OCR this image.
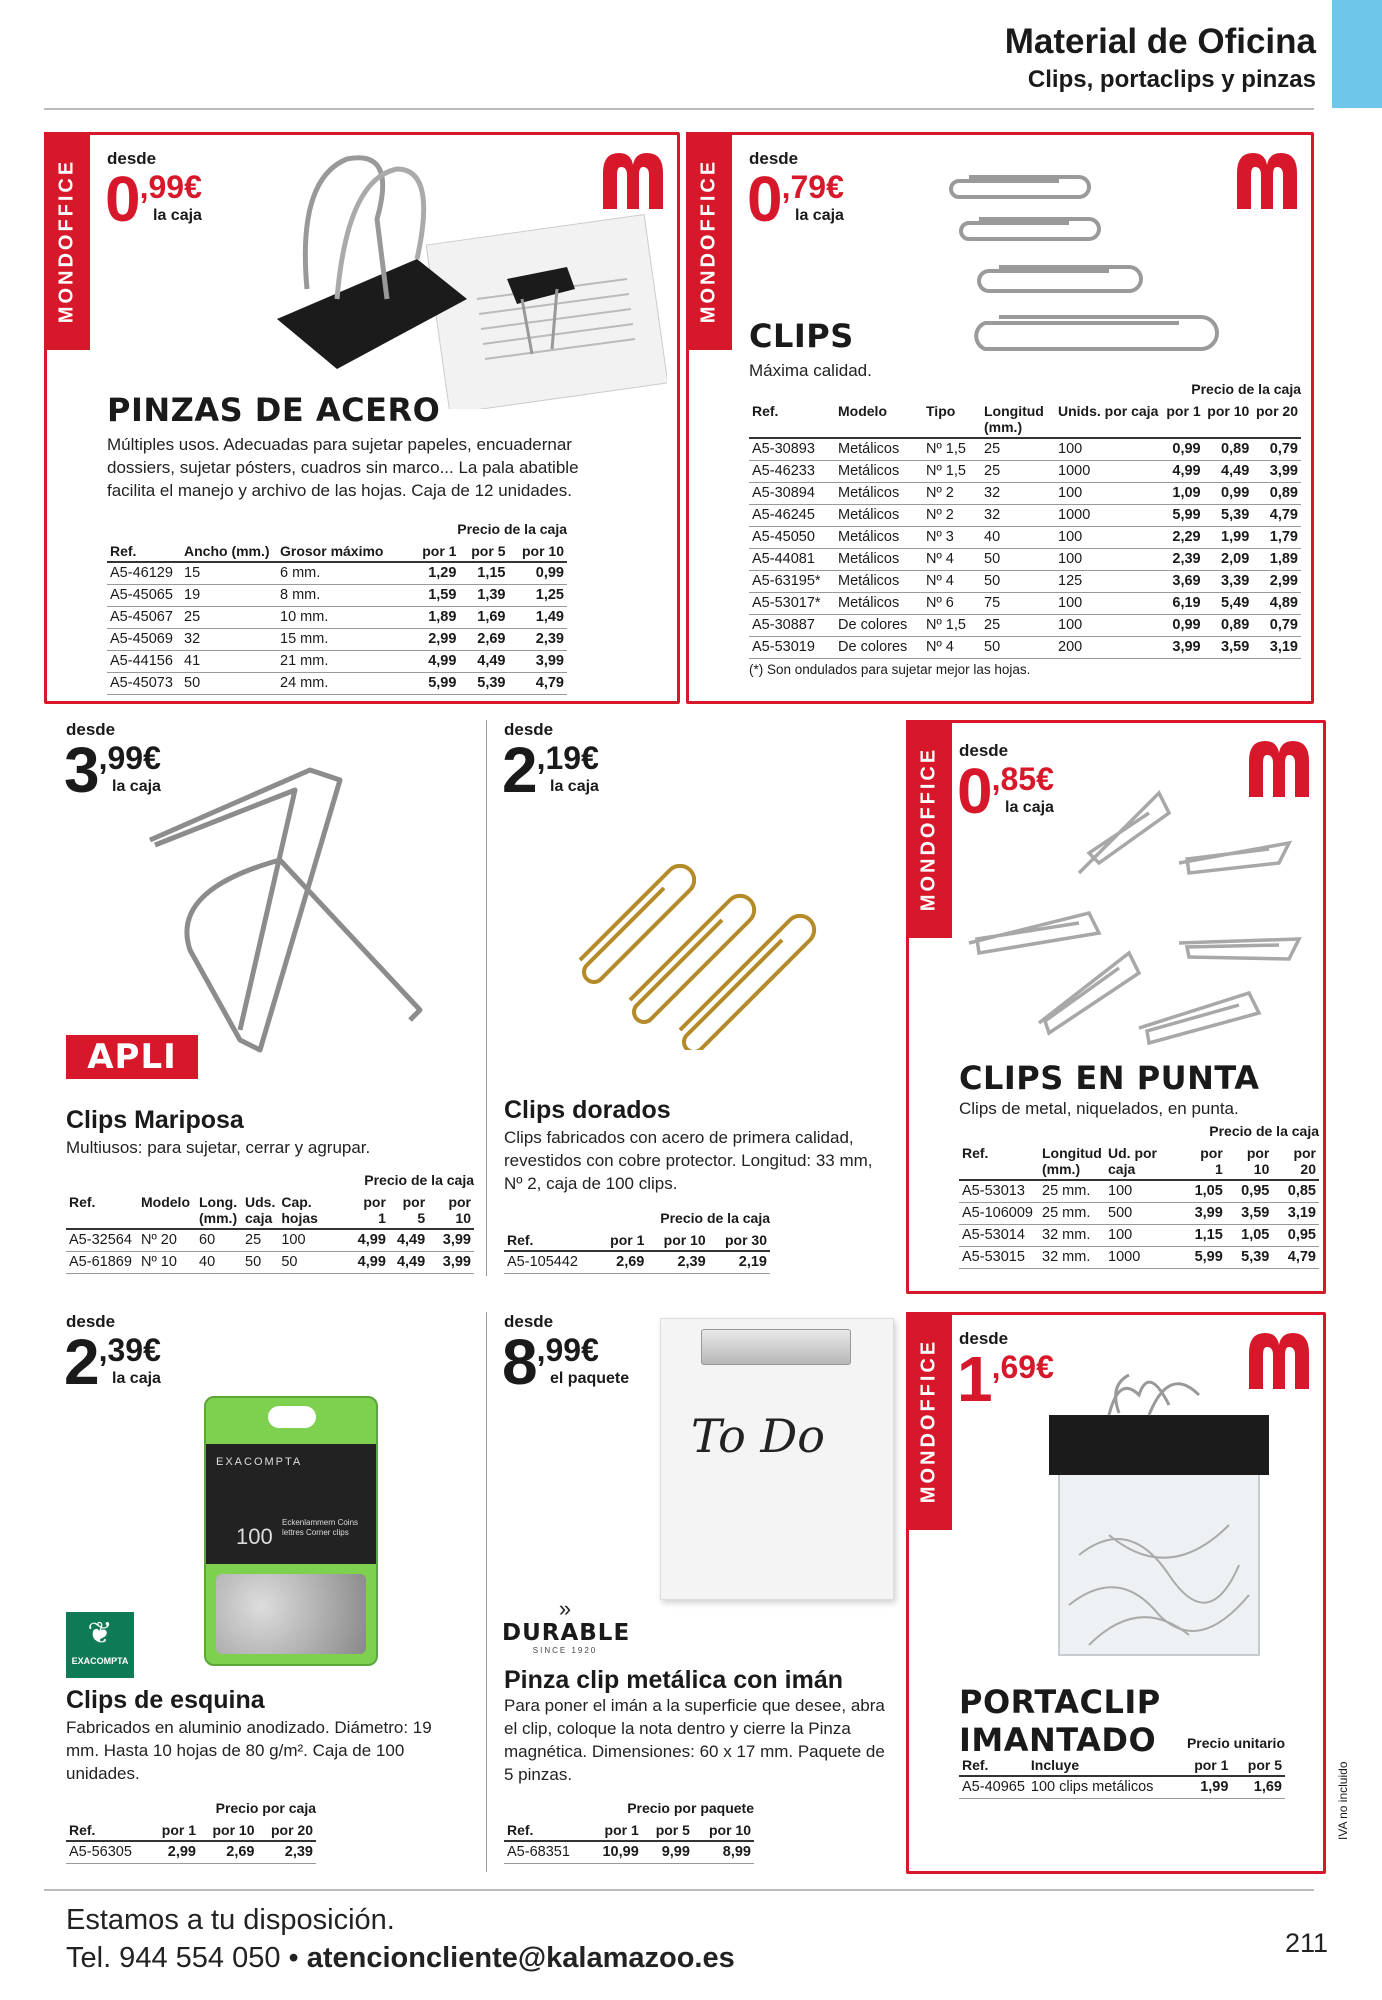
Material de Oficina
Clips, portaclips y pinzas
MONDOFFICE
desde
0 ,99€
la caja
PINZAS DE ACERO
Múltiples usos. Adecuadas para sujetar papeles, encuadernar dossiers, sujetar pósters, cuadros sin marco... La pala abatible facilita el manejo y archivo de las hojas. Caja de 12 unidades.
Precio de la caja
Ref.	Ancho (mm.)	Grosor máximo	por 1	por 5	por 10
A5-46129	15	6 mm.	1,29	1,15	0,99
A5-45065	19	8 mm.	1,59	1,39	1,25
A5-45067	25	10 mm.	1,89	1,69	1,49
A5-45069	32	15 mm.	2,99	2,69	2,39
A5-44156	41	21 mm.	4,99	4,49	3,99
A5-45073	50	24 mm.	5,99	5,39	4,79
MONDOFFICE
desde
0 ,79€
la caja
CLIPS
Máxima calidad.
Precio de la caja
Ref.	Modelo	Tipo	Longitud (mm.)	Unids. por caja	por 1	por 10	por 20
A5-30893	Metálicos	Nº 1,5	25	100	0,99	0,89	0,79
A5-46233	Metálicos	Nº 1,5	25	1000	4,99	4,49	3,99
A5-30894	Metálicos	Nº 2	32	100	1,09	0,99	0,89
A5-46245	Metálicos	Nº 2	32	1000	5,99	5,39	4,79
A5-45050	Metálicos	Nº 3	40	100	2,29	1,99	1,79
A5-44081	Metálicos	Nº 4	50	100	2,39	2,09	1,89
A5-63195*	Metálicos	Nº 4	50	125	3,69	3,39	2,99
A5-53017*	Metálicos	Nº 6	75	100	6,19	5,49	4,89
A5-30887	De colores	Nº 1,5	25	100	0,99	0,89	0,79
A5-53019	De colores	Nº 4	50	200	3,99	3,59	3,19
(*) Son ondulados para sujetar mejor las hojas.
desde
3 ,99€
la caja
APLI
Clips Mariposa
Multiusos: para sujetar, cerrar y agrupar.
Precio de la caja
Ref.	Modelo	Long. (mm.)	Uds. caja	Cap. hojas	por 1	por 5	por 10
A5-32564	Nº 20	60	25	100	4,99	4,49	3,99
A5-61869	Nº 10	40	50	50	4,99	4,49	3,99
desde
2 ,19€
la caja
Clips dorados
Clips fabricados con acero de primera calidad, revestidos con cobre protector. Longitud: 33 mm, Nº 2, caja de 100 clips.
Precio de la caja
Ref.	por 1	por 10	por 30
A5-105442	2,69	2,39	2,19
MONDOFFICE desde
0 ,85€
la caja
CLIPS EN PUNTA
Clips de metal, niquelados, en punta.
Precio de la caja
Ref.	Longitud (mm.)	Ud. por caja	por 1	por 10	por 20
A5-53013	25 mm.	100	1,05	0,95	0,85
A5-106009	25 mm.	500	3,99	3,59	3,19
A5-53014	32 mm.	100	1,15	1,05	0,95
A5-53015	32 mm.	1000	5,99	5,39	4,79
desde
2 ,39€
la caja
EXACOMPTA
100
Eckenlammern Coins lettres Corner clips
❦
EXACOMPTA
Clips de esquina
Fabricados en aluminio anodizado. Diámetro: 19 mm. Hasta 10 hojas de 80 g/m². Caja de 100 unidades.
Precio por caja
Ref.	por 1	por 10	por 20
A5-56305	2,99	2,69	2,39
desde
8 ,99€
el paquete
To Do
»
DURABLE
SINCE 1920
Pinza clip metálica con imán
Para poner el imán a la superficie que desee, abra el clip, coloque la nota dentro y cierre la Pinza magnética. Dimensiones: 60 x 17 mm. Paquete de 5 pinzas.
Precio por paquete
Ref.	por 1	por 5	por 10
A5-68351	10,99	9,99	8,99
MONDOFFICE
desde
1 ,69€
PORTACLIP IMANTADO	Precio unitario
Ref.	Incluye	por 1	por 5
A5-40965	100 clips metálicos	1,99	1,69	IVA no incluido
Estamos a tu disposición.
Tel. 944 554 050 • atencioncliente@kalamazoo.es	211
